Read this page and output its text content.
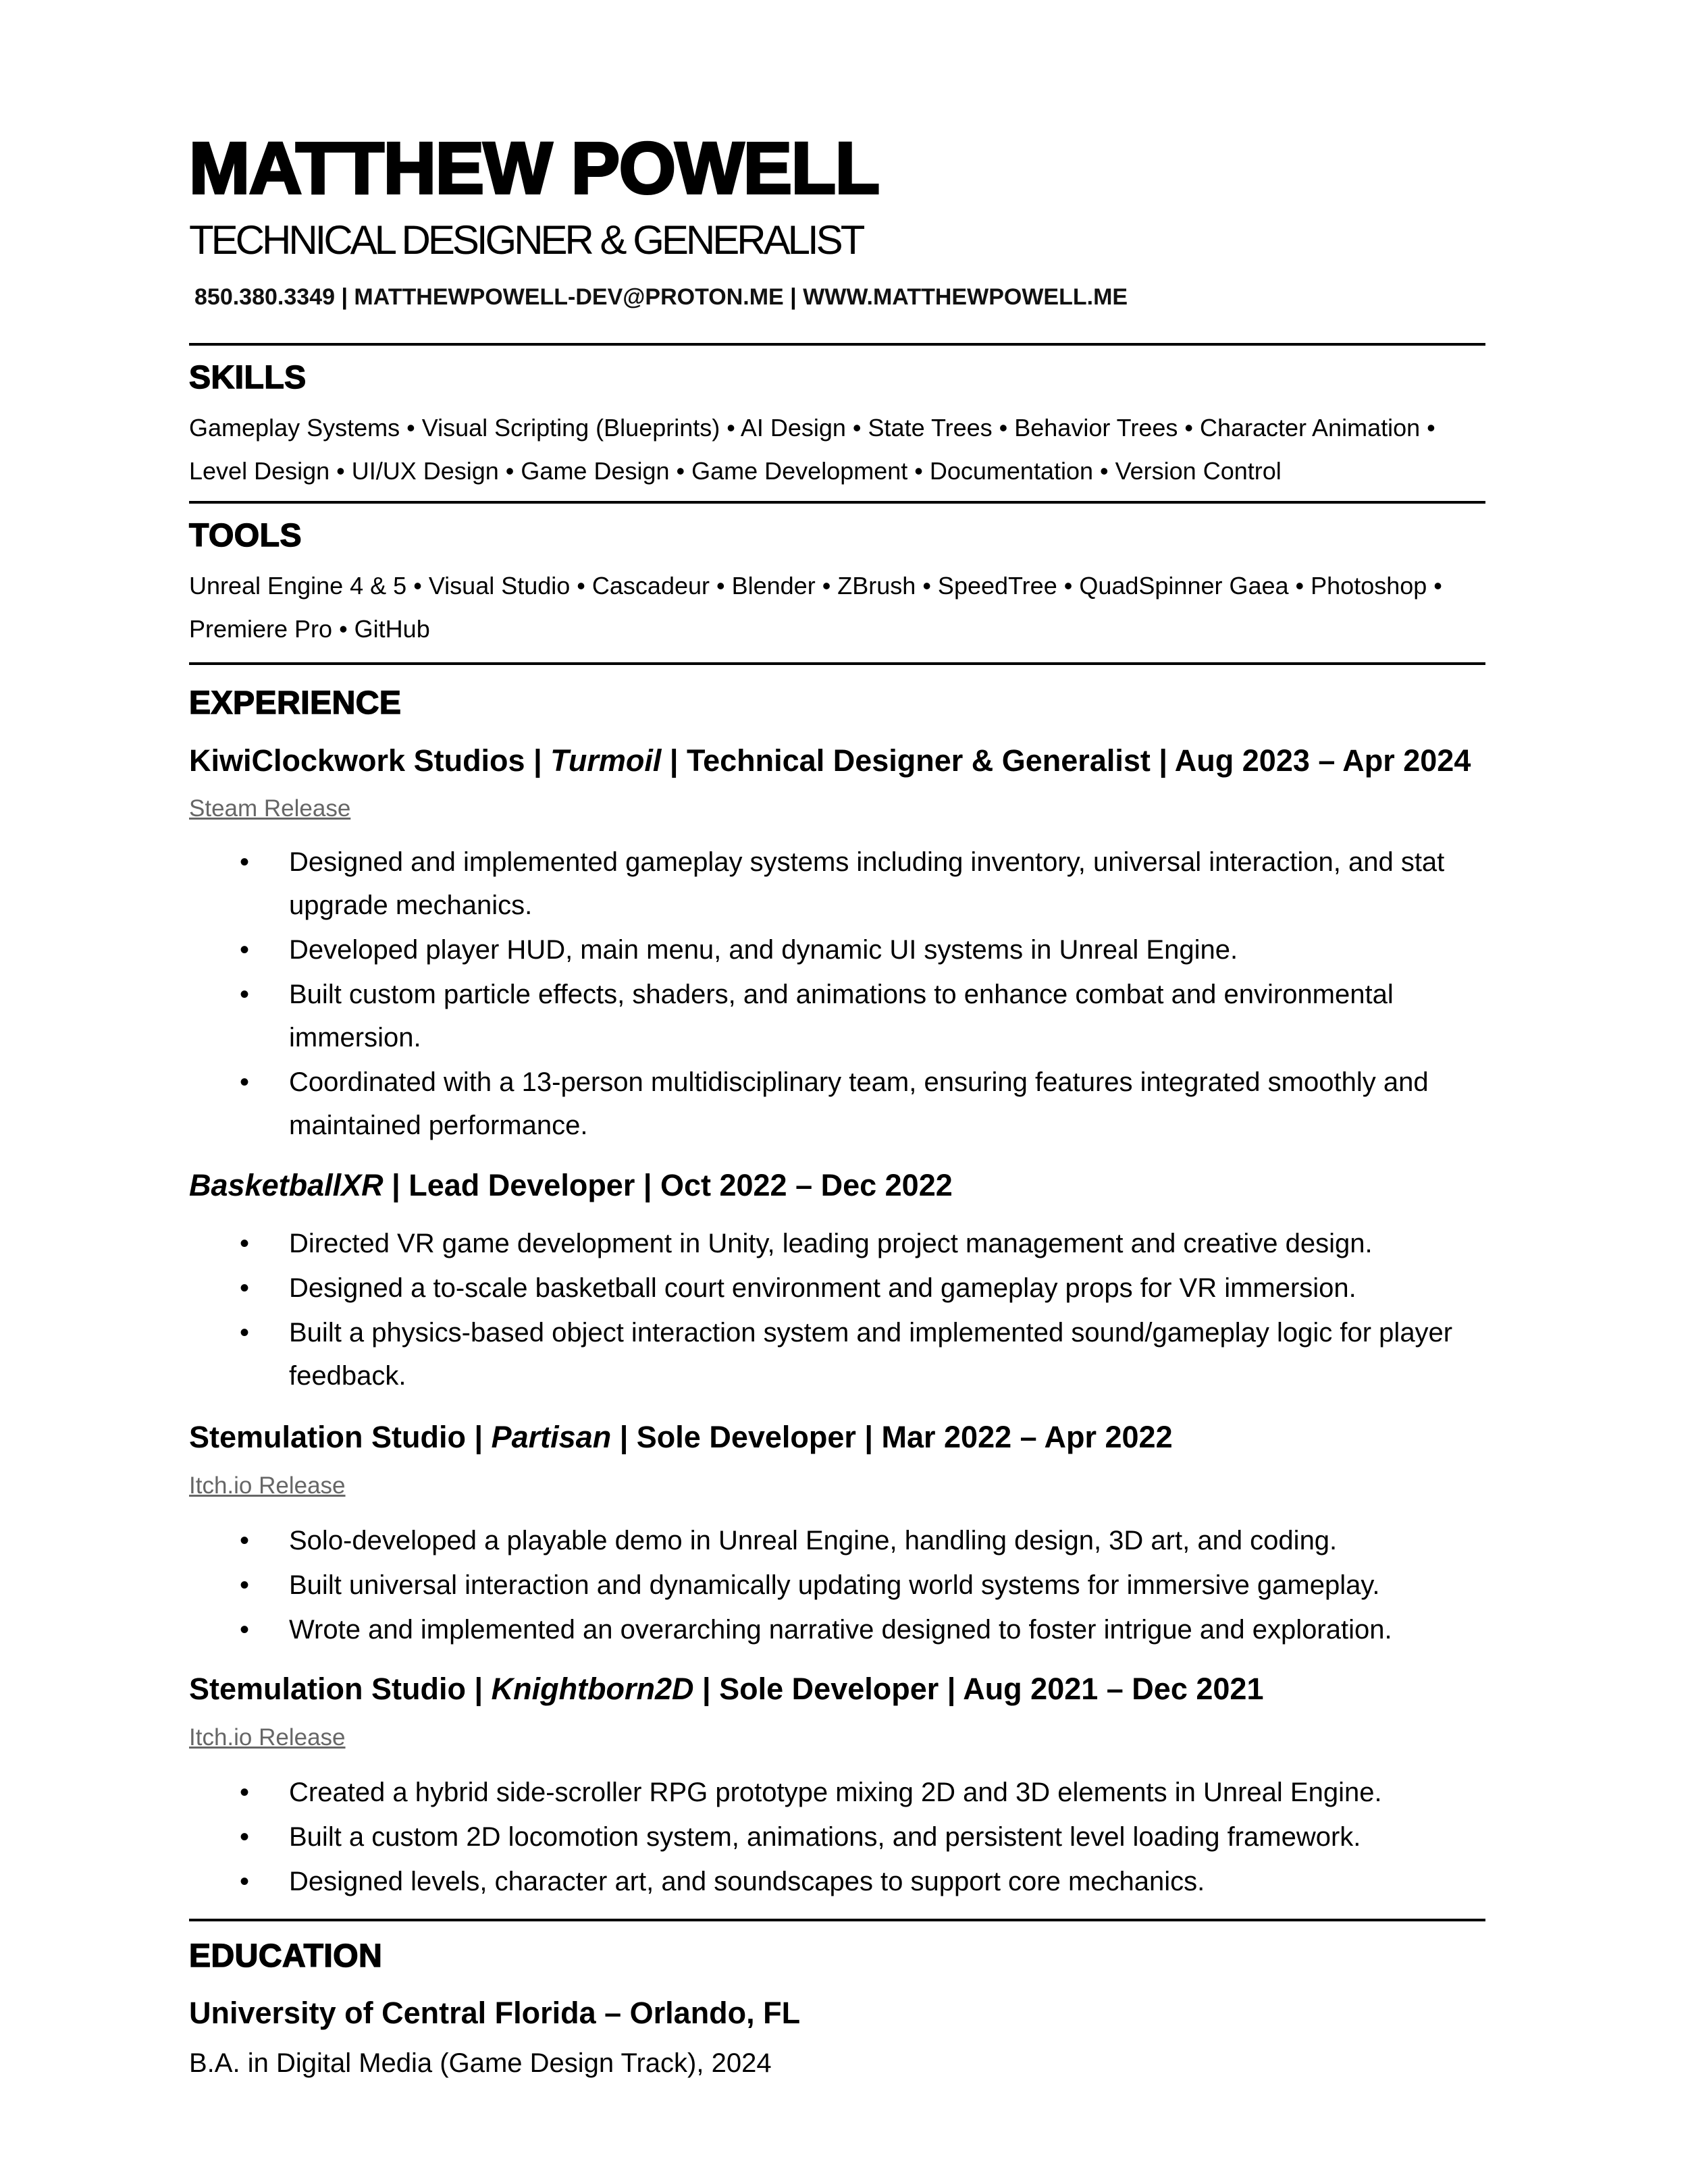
MATTHEW POWELL
TECHNICAL DESIGNER & GENERALIST
850.380.3349 | MATTHEWPOWELL-DEV@PROTON.ME | WWW.MATTHEWPOWELL.ME
SKILLS
Gameplay Systems • Visual Scripting (Blueprints) • AI Design • State Trees • Behavior Trees • Character Animation •
Level Design • UI/UX Design • Game Design • Game Development • Documentation • Version Control
TOOLS
Unreal Engine 4 & 5 • Visual Studio • Cascadeur • Blender • ZBrush • SpeedTree • QuadSpinner Gaea • Photoshop •
Premiere Pro • GitHub
EXPERIENCE
KiwiClockwork Studios | Turmoil | Technical Designer & Generalist | Aug 2023 – Apr 2024
Steam Release
• Designed and implemented gameplay systems including inventory, universal interaction, and stat
upgrade mechanics.
• Developed player HUD, main menu, and dynamic UI systems in Unreal Engine.
• Built custom particle effects, shaders, and animations to enhance combat and environmental
immersion.
• Coordinated with a 13-person multidisciplinary team, ensuring features integrated smoothly and
maintained performance.
BasketballXR | Lead Developer | Oct 2022 – Dec 2022
• Directed VR game development in Unity, leading project management and creative design.
• Designed a to-scale basketball court environment and gameplay props for VR immersion.
• Built a physics-based object interaction system and implemented sound/gameplay logic for player
feedback.
Stemulation Studio | Partisan | Sole Developer | Mar 2022 – Apr 2022
Itch.io Release
• Solo-developed a playable demo in Unreal Engine, handling design, 3D art, and coding.
• Built universal interaction and dynamically updating world systems for immersive gameplay.
• Wrote and implemented an overarching narrative designed to foster intrigue and exploration.
Stemulation Studio | Knightborn2D | Sole Developer | Aug 2021 – Dec 2021
Itch.io Release
• Created a hybrid side-scroller RPG prototype mixing 2D and 3D elements in Unreal Engine.
• Built a custom 2D locomotion system, animations, and persistent level loading framework.
• Designed levels, character art, and soundscapes to support core mechanics.
EDUCATION
University of Central Florida – Orlando, FL
B.A. in Digital Media (Game Design Track), 2024
